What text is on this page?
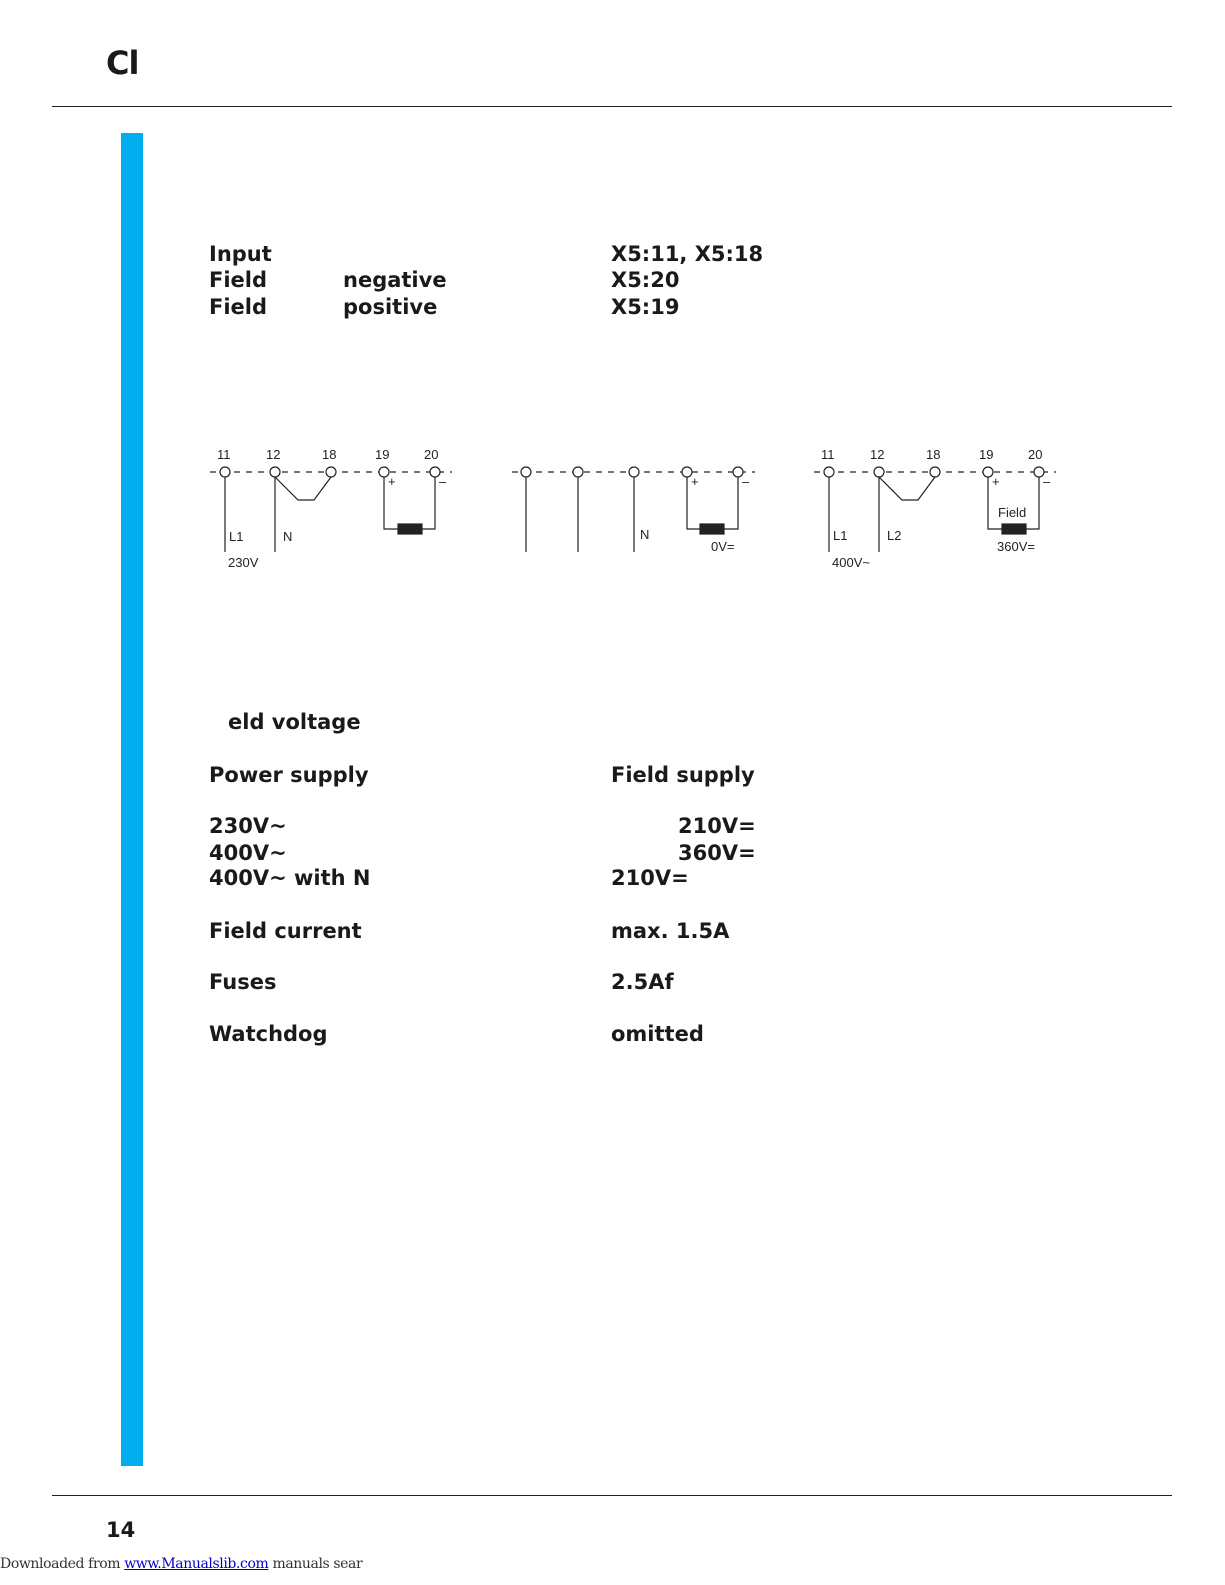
Cl
Input	X5:11, X5:18
Field	negative	X5:20
Field	positive	X5:19
11	12	18	19	20
+	–
L1	N
230V
+	–
N
0V=
11	12	18	19	20
+	–
L1	L2
400V~
Field
360V=
eld voltage
Power supply	Field supply
230V~	210V=
400V~	360V=
400V~ with N	210V=
Field current	max. 1.5A
Fuses	2.5Af
Watchdog	omitted
14
Downloaded from www.Manualslib.com manuals sear
